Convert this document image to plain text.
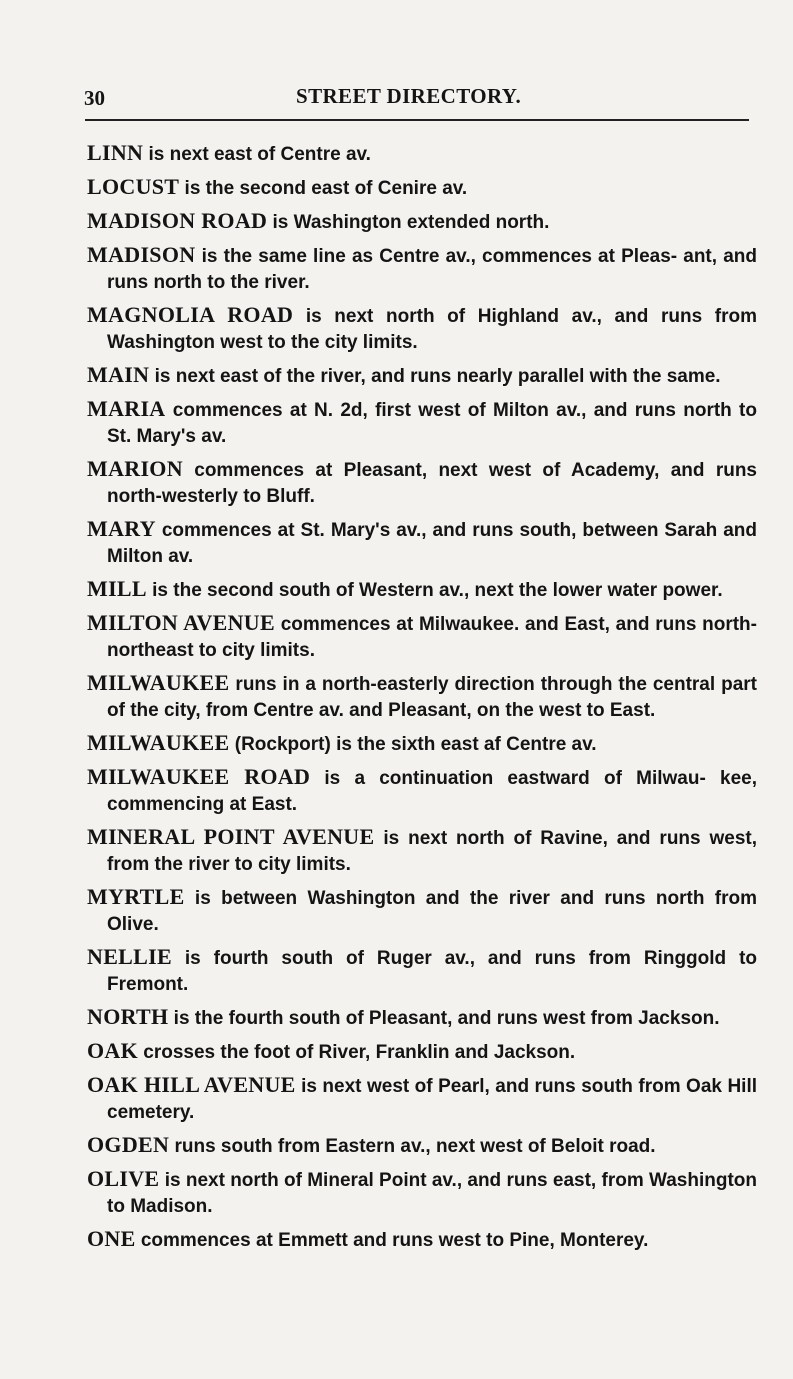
30	STREET DIRECTORY.

LINN is next east of Centre av.

LOCUST is the second east of Cenire av.

MADISON ROAD is Washington extended north.

MADISON is the same line as Centre av., commences at Pleas- ant, and runs north to the river.

MAGNOLIA ROAD is next north of Highland av., and runs from Washington west to the city limits.

MAIN is next east of the river, and runs nearly parallel with the same.

MARIA commences at N. 2d, first west of Milton av., and runs north to St. Mary's av.

MARION commences at Pleasant, next west of Academy, and runs north-westerly to Bluff.

MARY commences at St. Mary's av., and runs south, between Sarah and Milton av.

MILL is the second south of Western av., next the lower water power.

MILTON AVENUE commences at Milwaukee. and East, and runs north-northeast to city limits.

MILWAUKEE runs in a north-easterly direction through the central part of the city, from Centre av. and Pleasant, on the west to East.

MILWAUKEE (Rockport) is the sixth east af Centre av.

MILWAUKEE ROAD is a continuation eastward of Milwau- kee, commencing at East.

MINERAL POINT AVENUE is next north of Ravine, and runs west, from the river to city limits.

MYRTLE is between Washington and the river and runs north from Olive.

NELLIE is fourth south of Ruger av., and runs from Ringgold to Fremont.

NORTH is the fourth south of Pleasant, and runs west from Jackson.

OAK crosses the foot of River, Franklin and Jackson.

OAK HILL AVENUE is next west of Pearl, and runs south from Oak Hill cemetery.

OGDEN runs south from Eastern av., next west of Beloit road.

OLIVE is next north of Mineral Point av., and runs east, from Washington to Madison.

ONE commences at Emmett and runs west to Pine, Monterey.
